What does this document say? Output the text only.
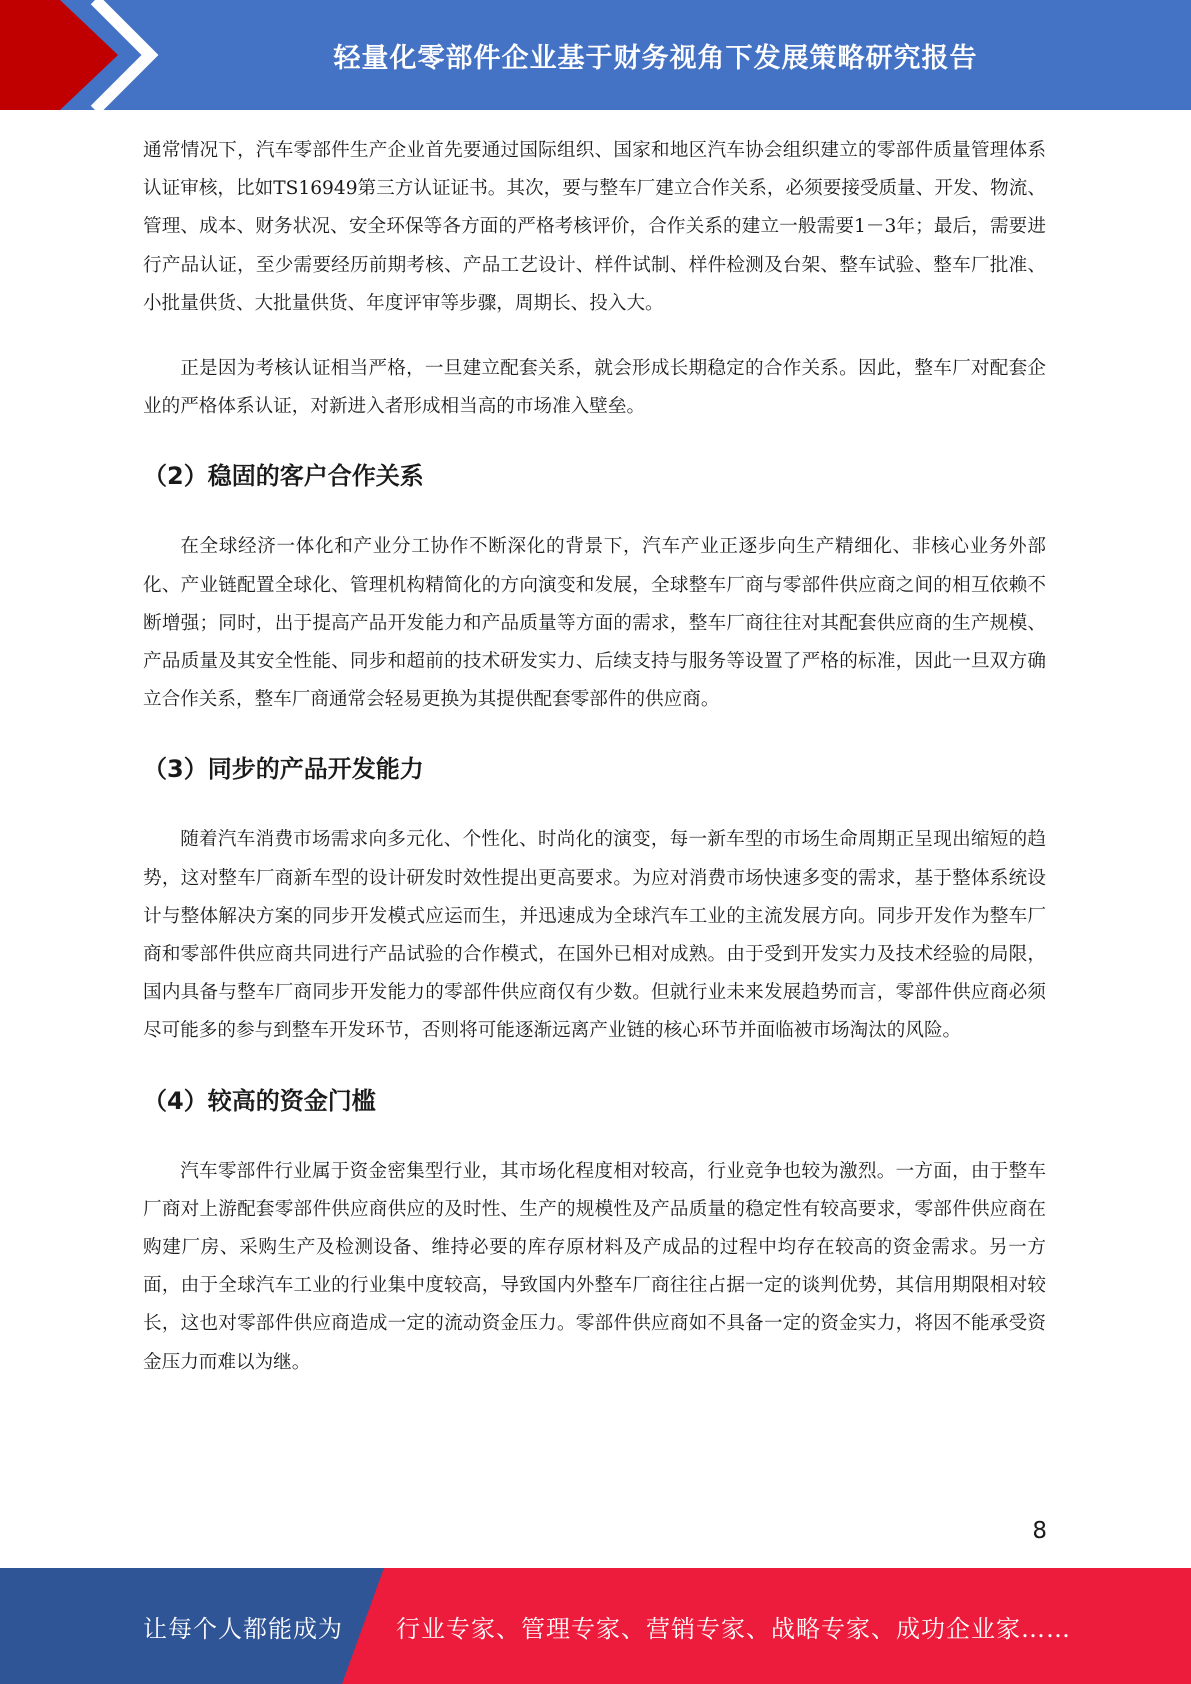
轻量化零部件企业基于财务视角下发展策略研究报告

通常情况下，汽车零部件生产企业首先要通过国际组织、国家和地区汽车协会组织建立的零部件质量管理体系认证审核，比如TS16949第三方认证证书。其次，要与整车厂建立合作关系，必须要接受质量、开发、物流、管理、成本、财务状况、安全环保等各方面的严格考核评价，合作关系的建立一般需要1－3年；最后，需要进行产品认证，至少需要经历前期考核、产品工艺设计、样件试制、样件检测及台架、整车试验、整车厂批准、小批量供货、大批量供货、年度评审等步骤，周期长、投入大。

正是因为考核认证相当严格，一旦建立配套关系，就会形成长期稳定的合作关系。因此，整车厂对配套企业的严格体系认证，对新进入者形成相当高的市场准入壁垒。

（2）稳固的客户合作关系

在全球经济一体化和产业分工协作不断深化的背景下，汽车产业正逐步向生产精细化、非核心业务外部化、产业链配置全球化、管理机构精简化的方向演变和发展，全球整车厂商与零部件供应商之间的相互依赖不断增强；同时，出于提高产品开发能力和产品质量等方面的需求，整车厂商往往对其配套供应商的生产规模、产品质量及其安全性能、同步和超前的技术研发实力、后续支持与服务等设置了严格的标准，因此一旦双方确立合作关系，整车厂商通常会轻易更换为其提供配套零部件的供应商。

（3）同步的产品开发能力

随着汽车消费市场需求向多元化、个性化、时尚化的演变，每一新车型的市场生命周期正呈现出缩短的趋势，这对整车厂商新车型的设计研发时效性提出更高要求。为应对消费市场快速多变的需求，基于整体系统设计与整体解决方案的同步开发模式应运而生，并迅速成为全球汽车工业的主流发展方向。同步开发作为整车厂商和零部件供应商共同进行产品试验的合作模式，在国外已相对成熟。由于受到开发实力及技术经验的局限，国内具备与整车厂商同步开发能力的零部件供应商仅有少数。但就行业未来发展趋势而言，零部件供应商必须尽可能多的参与到整车开发环节，否则将可能逐渐远离产业链的核心环节并面临被市场淘汰的风险。

（4）较高的资金门槛

汽车零部件行业属于资金密集型行业，其市场化程度相对较高，行业竞争也较为激烈。一方面，由于整车厂商对上游配套零部件供应商供应的及时性、生产的规模性及产品质量的稳定性有较高要求，零部件供应商在购建厂房、采购生产及检测设备、维持必要的库存原材料及产成品的过程中均存在较高的资金需求。另一方面，由于全球汽车工业的行业集中度较高，导致国内外整车厂商往往占据一定的谈判优势，其信用期限相对较长，这也对零部件供应商造成一定的流动资金压力。零部件供应商如不具备一定的资金实力，将因不能承受资金压力而难以为继。

8
让每个人都能成为	行业专家、管理专家、营销专家、战略专家、成功企业家……
